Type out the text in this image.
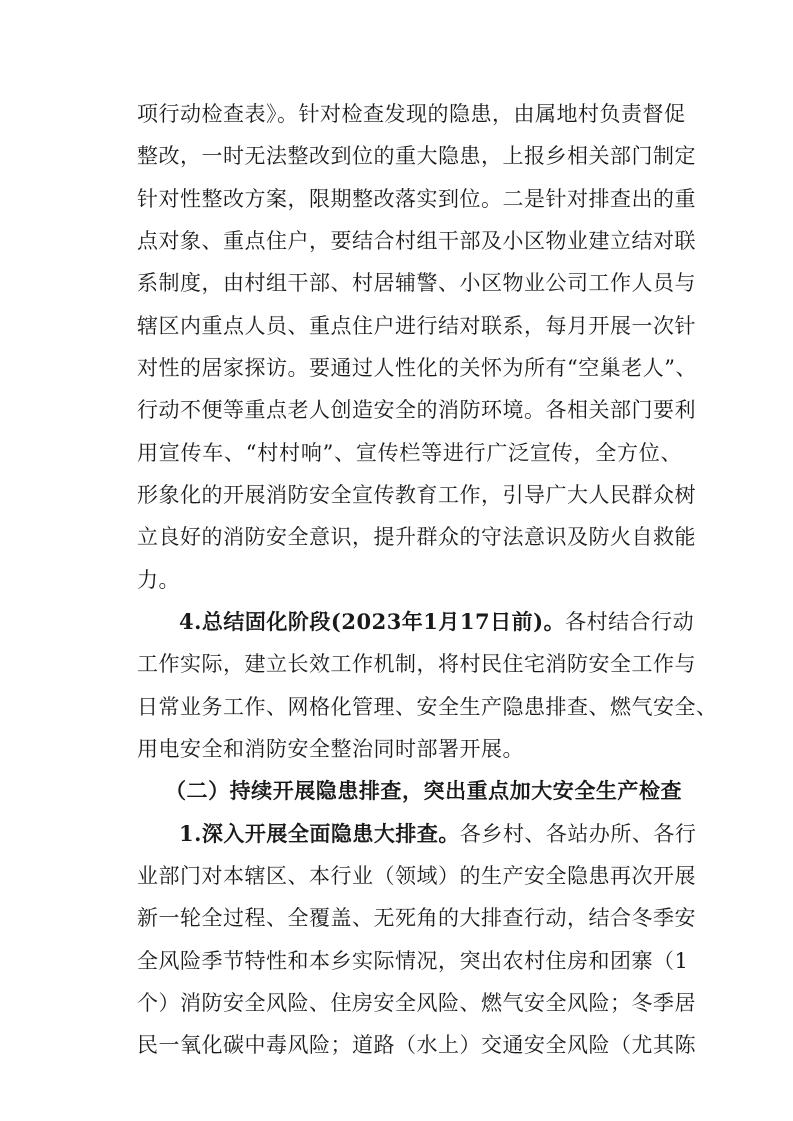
项行动检查表》。针对检查发现的隐患，由属地村负责督促
整改，一时无法整改到位的重大隐患，上报乡相关部门制定
针对性整改方案，限期整改落实到位。二是针对排查出的重
点对象、重点住户，要结合村组干部及小区物业建立结对联
系制度，由村组干部、村居辅警、小区物业公司工作人员与
辖区内重点人员、重点住户进行结对联系，每月开展一次针
对性的居家探访。要通过人性化的关怀为所有“空巢老人”、
行动不便等重点老人创造安全的消防环境。各相关部门要利
用宣传车、“村村响”、宣传栏等进行广泛宣传，全方位、
形象化的开展消防安全宣传教育工作，引导广大人民群众树
立良好的消防安全意识，提升群众的守法意识及防火自救能
力。
4.总结固化阶段(2023年1月17日前)。各村结合行动
工作实际，建立长效工作机制，将村民住宅消防安全工作与
日常业务工作、网格化管理、安全生产隐患排查、燃气安全、
用电安全和消防安全整治同时部署开展。
（二）持续开展隐患排查，突出重点加大安全生产检查
1.深入开展全面隐患大排查。各乡村、各站办所、各行
业部门对本辖区、本行业（领域）的生产安全隐患再次开展
新一轮全过程、全覆盖、无死角的大排查行动，结合冬季安
全风险季节特性和本乡实际情况，突出农村住房和团寨（1
个）消防安全风险、住房安全风险、燃气安全风险；冬季居
民一氧化碳中毒风险；道路（水上）交通安全风险（尤其陈
